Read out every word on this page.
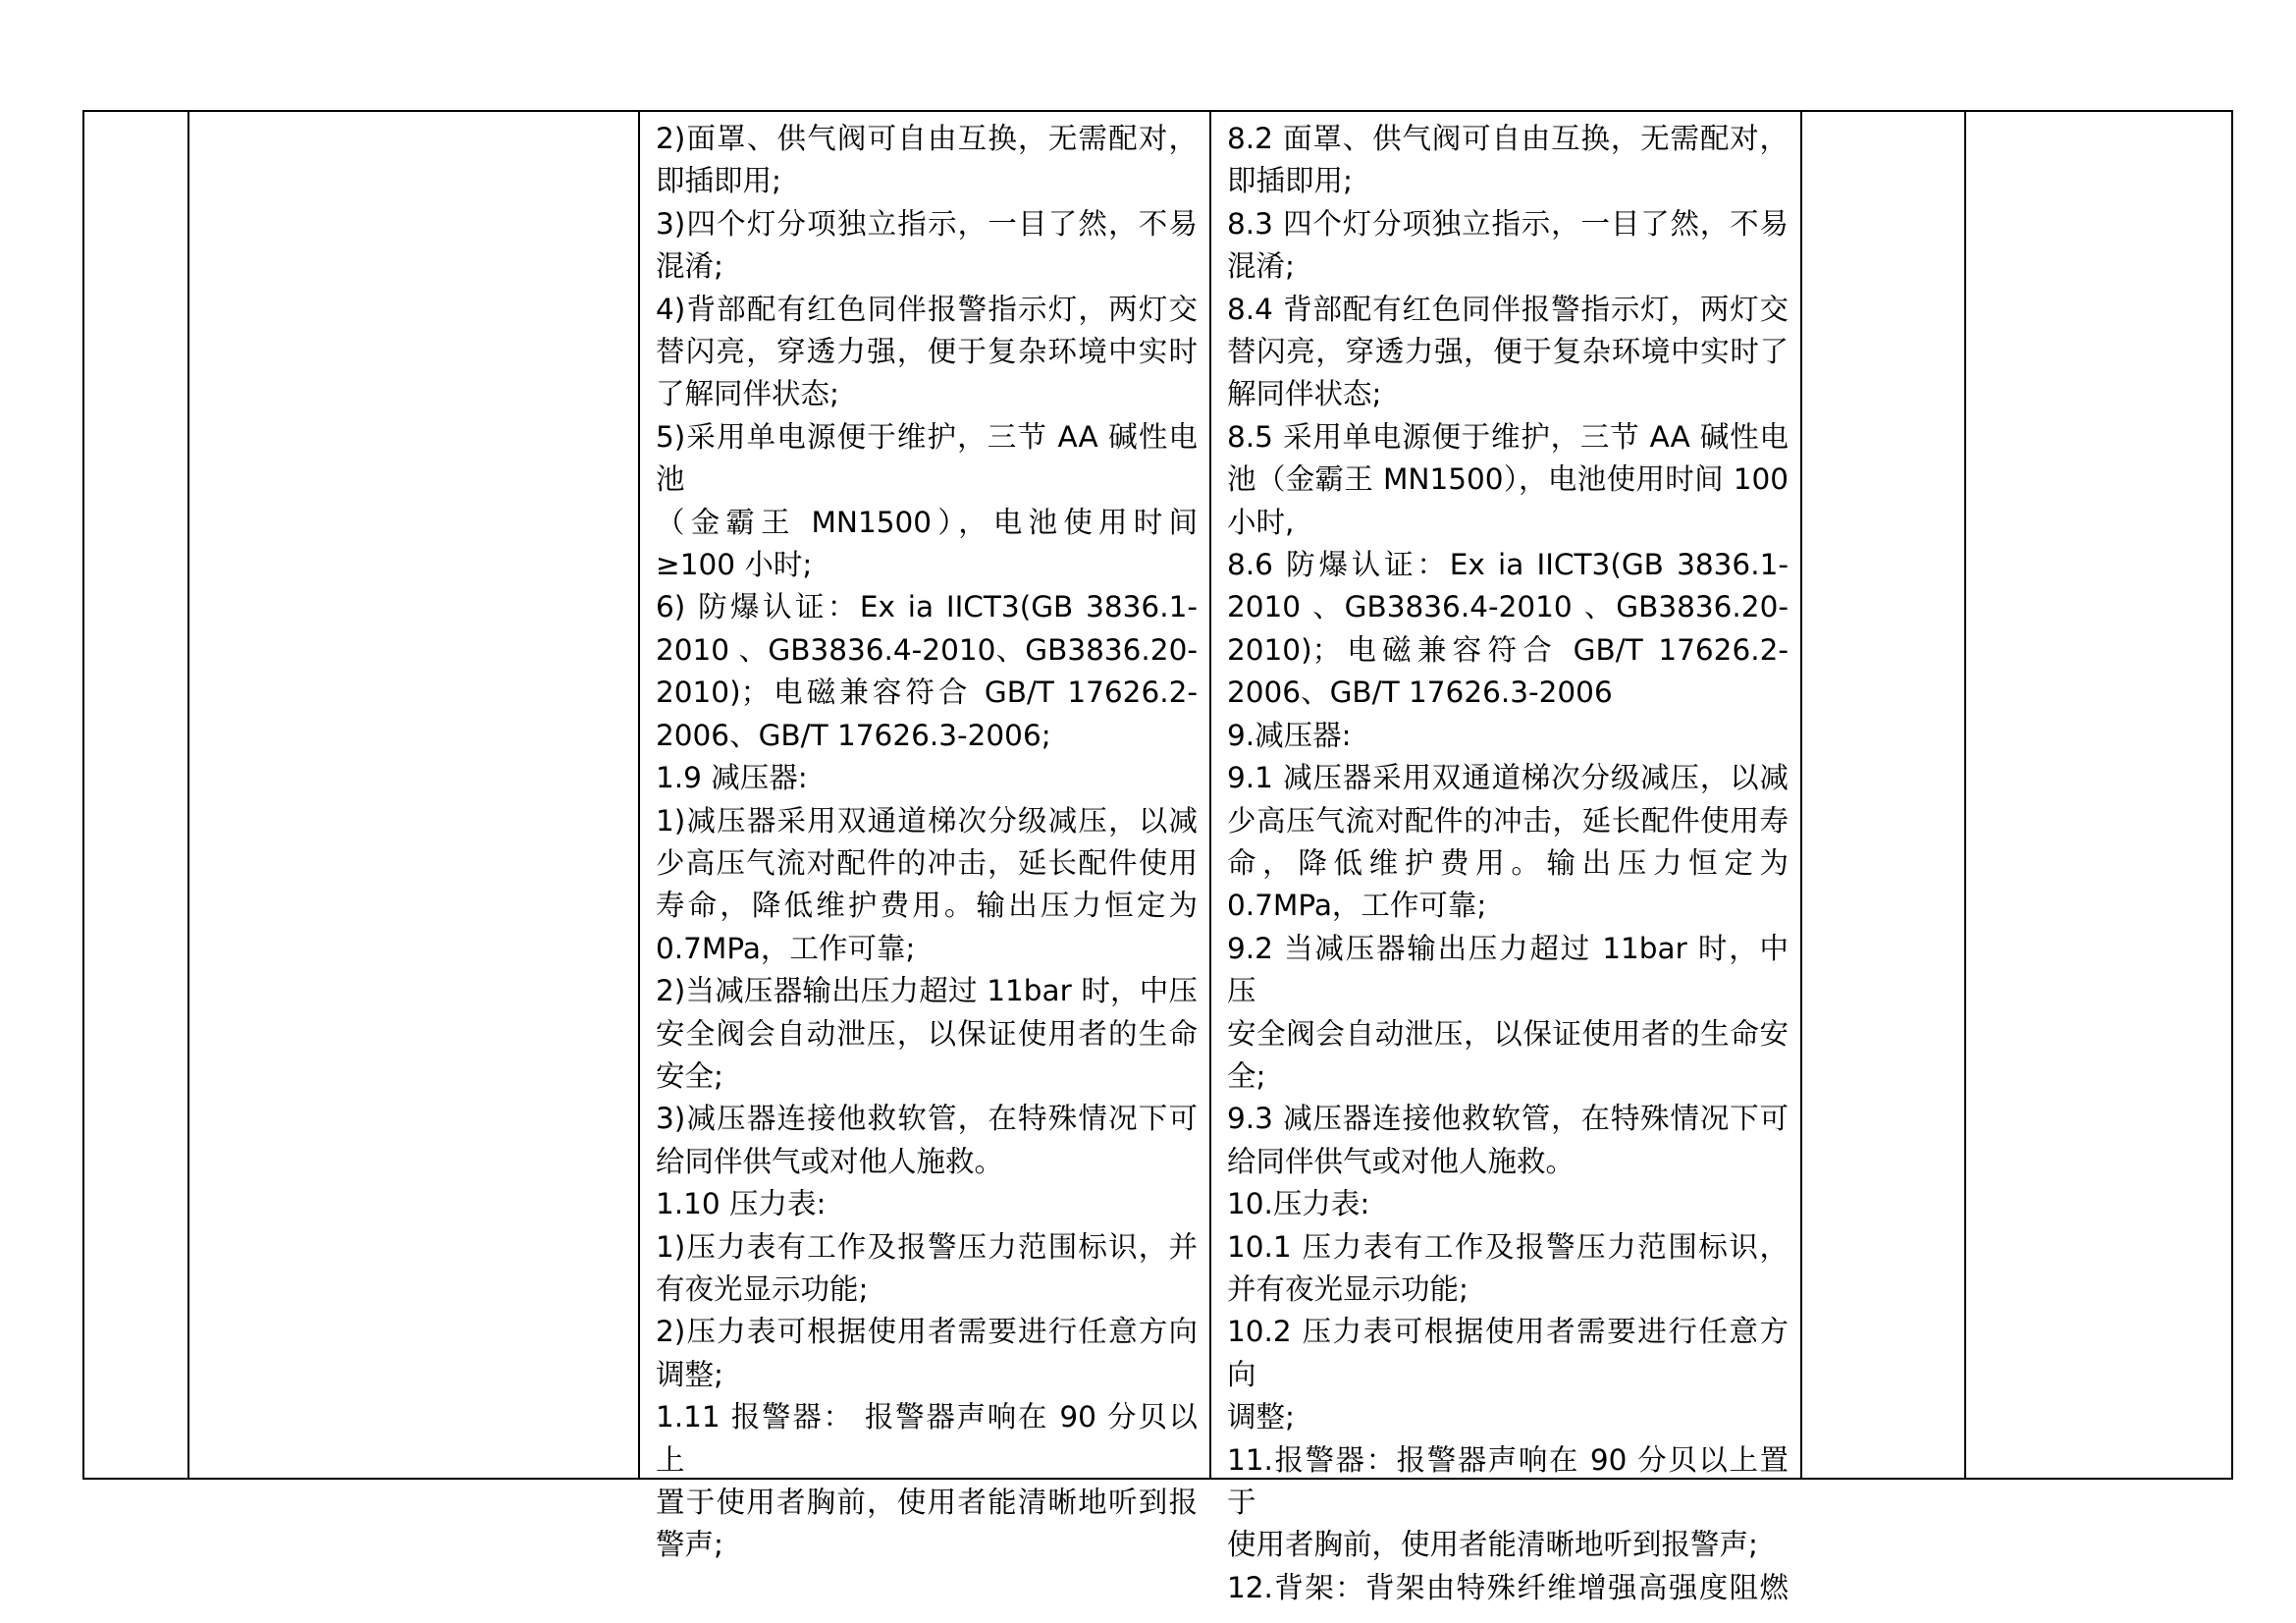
2)面罩、供气阀可自由互换，无需配对，
即插即用;
3)四个灯分项独立指示，一目了然，不易
混淆;
4)背部配有红色同伴报警指示灯，两灯交
替闪亮，穿透力强，便于复杂环境中实时
了解同伴状态;
5)采用单电源便于维护，三节 AA 碱性电池
（金霸王 MN1500），电池使用时间
≥100 小时;
6) 防爆认证：Ex ia IICT3(GB 3836.1-
2010 、GB3836.4-2010、GB3836.20-
2010)；电磁兼容符合 GB/T 17626.2-
2006、GB/T 17626.3-2006;
1.9 减压器:
1)减压器采用双通道梯次分级减压，以减
少高压气流对配件的冲击，延长配件使用
寿命，降低维护费用。输出压力恒定为
0.7MPa，工作可靠;
2)当减压器输出压力超过 11bar 时，中压
安全阀会自动泄压，以保证使用者的生命
安全;
3)减压器连接他救软管，在特殊情况下可
给同伴供气或对他人施救。
1.10 压力表:
1)压力表有工作及报警压力范围标识，并
有夜光显示功能;
2)压力表可根据使用者需要进行任意方向
调整;
1.11 报警器： 报警器声响在 90 分贝以上
置于使用者胸前，使用者能清晰地听到报
警声;

8.2 面罩、供气阀可自由互换，无需配对，
即插即用;
8.3 四个灯分项独立指示，一目了然，不易
混淆;
8.4 背部配有红色同伴报警指示灯，两灯交
替闪亮，穿透力强，便于复杂环境中实时了
解同伴状态;
8.5 采用单电源便于维护，三节 AA 碱性电
池（金霸王 MN1500），电池使用时间 100
小时,
8.6 防爆认证：Ex ia IICT3(GB 3836.1-
2010 、GB3836.4-2010 、GB3836.20-
2010)；电磁兼容符合 GB/T 17626.2-
2006、GB/T 17626.3-2006
9.减压器:
9.1 减压器采用双通道梯次分级减压，以减
少高压气流对配件的冲击，延长配件使用寿
命，降低维护费用。输出压力恒定为
0.7MPa，工作可靠;
9.2 当减压器输出压力超过 11bar 时，中压
安全阀会自动泄压，以保证使用者的生命安
全;
9.3 减压器连接他救软管，在特殊情况下可
给同伴供气或对他人施救。
10.压力表:
10.1 压力表有工作及报警压力范围标识，
并有夜光显示功能;
10.2 压力表可根据使用者需要进行任意方向
调整;
11.报警器：报警器声响在 90 分贝以上置于
使用者胸前，使用者能清晰地听到报警声;
12.背架：背架由特殊纤维增强高强度阻燃
